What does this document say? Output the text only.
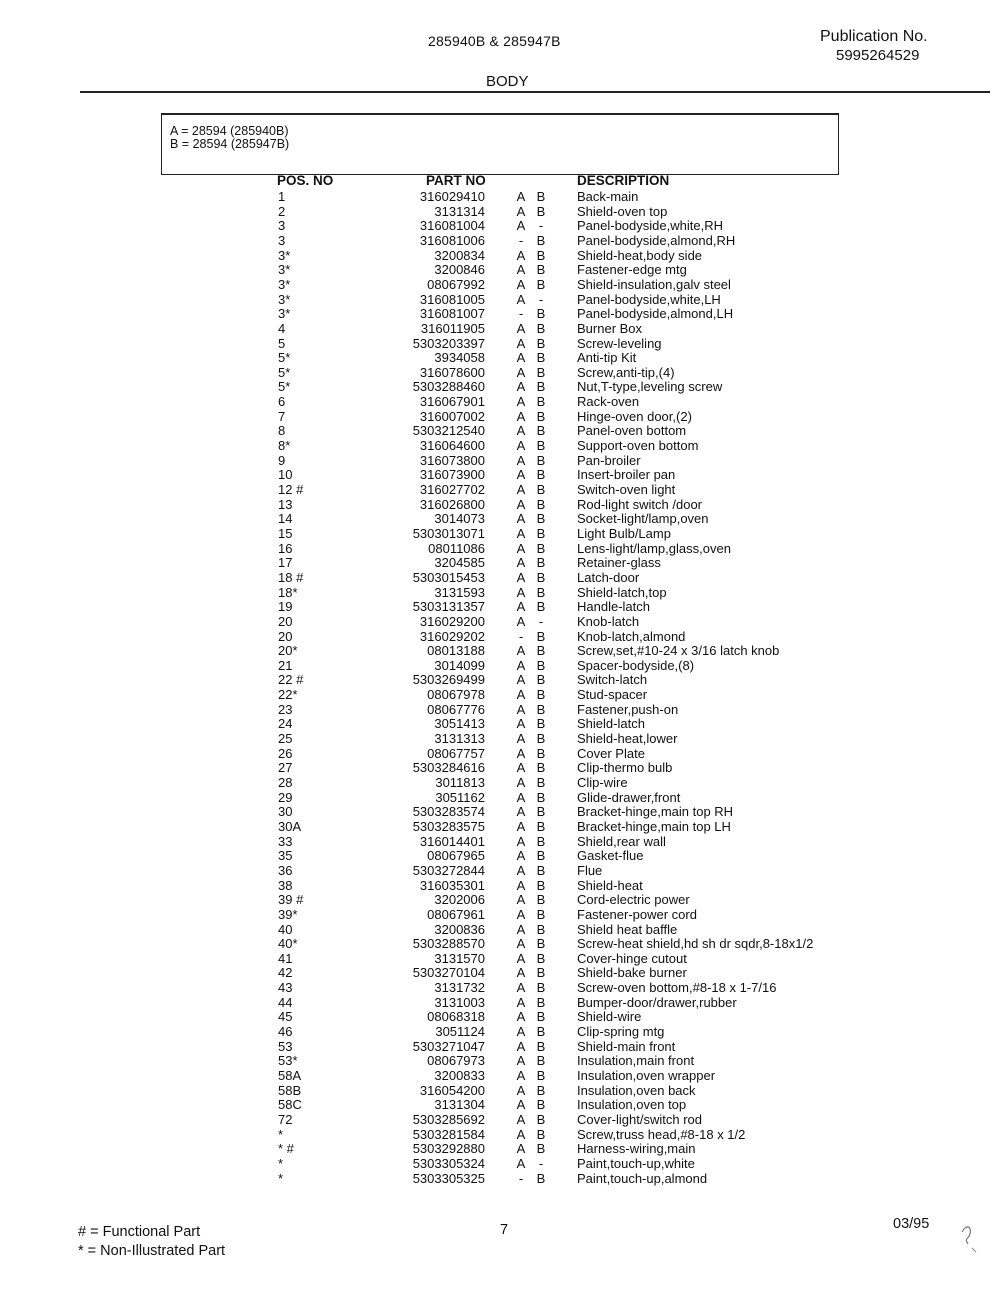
285940B & 285947B	Publication No.
5995264529
BODY
A = 28594 (285940B)
B = 28594 (285947B)
POS. NO	PART NO	DESCRIPTION
1	316029410 A B Back-main
2	3131314 A B Shield-oven top
3	316081004 A -	Panel-bodyside,white,RH
3	316081006	- B Panel-bodyside,almond,RH
3*	3200834 A B Shield-heat,body side
3*	3200846 A B Fastener-edge mtg
3*	08067992 A B Shield-insulation,galv steel
3*	316081005 A -	Panel-bodyside,white,LH
3*	316081007	- B Panel-bodyside,almond,LH
4	316011905 A B Burner Box
5	5303203397 A B Screw-leveling
5*	3934058 A B Anti-tip Kit
5*	316078600 A B Screw,anti-tip,(4)
5*	5303288460 A B Nut,T-type,leveling screw
6	316067901 A B Rack-oven
7	316007002 A B Hinge-oven door,(2)
8	5303212540 A B Panel-oven bottom
8*	316064600 A B Support-oven bottom
9	316073800 A B Pan-broiler
10	316073900 A B Insert-broiler pan
12 #	316027702 A B Switch-oven light
13	316026800 A B Rod-light switch /door
14	3014073 A B Socket-light/lamp,oven
15	5303013071 A B Light Bulb/Lamp
16	08011086 A B Lens-light/lamp,glass,oven
17	3204585 A B Retainer-glass
18 #	5303015453 A B Latch-door
18*	3131593 A B Shield-latch,top
19	5303131357 A B Handle-latch
20	316029200 A -	Knob-latch
20	316029202	- B Knob-latch,almond
20*	08013188 A B Screw,set,#10-24 x 3/16 latch knob
21	3014099 A B Spacer-bodyside,(8)
22 #	5303269499 A B Switch-latch
22*	08067978 A B Stud-spacer
23	08067776 A B Fastener,push-on
24	3051413 A B Shield-latch
25	3131313 A B Shield-heat,lower
26	08067757 A B Cover Plate
27	5303284616 A B Clip-thermo bulb
28	3011813 A B Clip-wire
29	3051162 A B Glide-drawer,front
30	5303283574 A B Bracket-hinge,main top RH
30A	5303283575 A B Bracket-hinge,main top LH
33	316014401 A B Shield,rear wall
35	08067965 A B Gasket-flue
36	5303272844 A B Flue
38	316035301 A B Shield-heat
39 #	3202006 A B Cord-electric power
39*	08067961 A B Fastener-power cord
40	3200836 A B Shield heat baffle
40*	5303288570 A B Screw-heat shield,hd sh dr sqdr,8-18x1/2
41	3131570 A B Cover-hinge cutout
42	5303270104 A B Shield-bake burner
43	3131732 A B Screw-oven bottom,#8-18 x 1-7/16
44	3131003 A B Bumper-door/drawer,rubber
45	08068318 A B Shield-wire
46	3051124 A B Clip-spring mtg
53	5303271047 A B Shield-main front
53*	08067973 A B Insulation,main front
58A	3200833 A B Insulation,oven wrapper
58B	316054200 A B Insulation,oven back
58C	3131304 A B Insulation,oven top
72	5303285692 A B Cover-light/switch rod
*	5303281584 A B Screw,truss head,#8-18 x 1/2
* #	5303292880 A B Harness-wiring,main
*	5303305324 A -	Paint,touch-up,white
*	5303305325	- B Paint,touch-up,almond
# = Functional Part
* = Non-Illustrated Part
7	03/95
